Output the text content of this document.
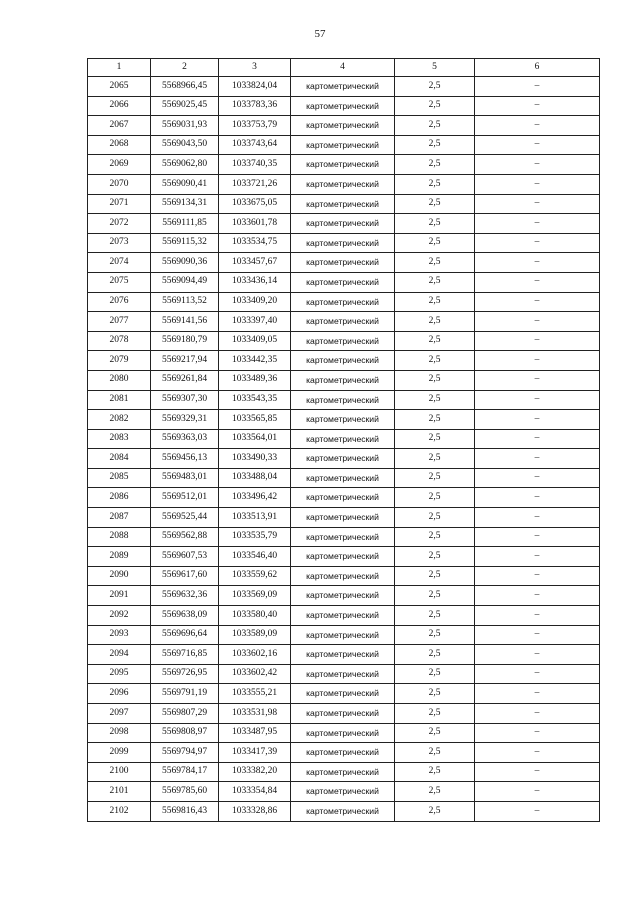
57
1	2	3	4	5	6
2065	5568966,45	1033824,04	картометрический	2,5	–
2066	5569025,45	1033783,36	картометрический	2,5	–
2067	5569031,93	1033753,79	картометрический	2,5	–
2068	5569043,50	1033743,64	картометрический	2,5	–
2069	5569062,80	1033740,35	картометрический	2,5	–
2070	5569090,41	1033721,26	картометрический	2,5	–
2071	5569134,31	1033675,05	картометрический	2,5	–
2072	5569111,85	1033601,78	картометрический	2,5	–
2073	5569115,32	1033534,75	картометрический	2,5	–
2074	5569090,36	1033457,67	картометрический	2,5	–
2075	5569094,49	1033436,14	картометрический	2,5	–
2076	5569113,52	1033409,20	картометрический	2,5	–
2077	5569141,56	1033397,40	картометрический	2,5	–
2078	5569180,79	1033409,05	картометрический	2,5	–
2079	5569217,94	1033442,35	картометрический	2,5	–
2080	5569261,84	1033489,36	картометрический	2,5	–
2081	5569307,30	1033543,35	картометрический	2,5	–
2082	5569329,31	1033565,85	картометрический	2,5	–
2083	5569363,03	1033564,01	картометрический	2,5	–
2084	5569456,13	1033490,33	картометрический	2,5	–
2085	5569483,01	1033488,04	картометрический	2,5	–
2086	5569512,01	1033496,42	картометрический	2,5	–
2087	5569525,44	1033513,91	картометрический	2,5	–
2088	5569562,88	1033535,79	картометрический	2,5	–
2089	5569607,53	1033546,40	картометрический	2,5	–
2090	5569617,60	1033559,62	картометрический	2,5	–
2091	5569632,36	1033569,09	картометрический	2,5	–
2092	5569638,09	1033580,40	картометрический	2,5	–
2093	5569696,64	1033589,09	картометрический	2,5	–
2094	5569716,85	1033602,16	картометрический	2,5	–
2095	5569726,95	1033602,42	картометрический	2,5	–
2096	5569791,19	1033555,21	картометрический	2,5	–
2097	5569807,29	1033531,98	картометрический	2,5	–
2098	5569808,97	1033487,95	картометрический	2,5	–
2099	5569794,97	1033417,39	картометрический	2,5	–
2100	5569784,17	1033382,20	картометрический	2,5	–
2101	5569785,60	1033354,84	картометрический	2,5	–
2102	5569816,43	1033328,86	картометрический	2,5	–
